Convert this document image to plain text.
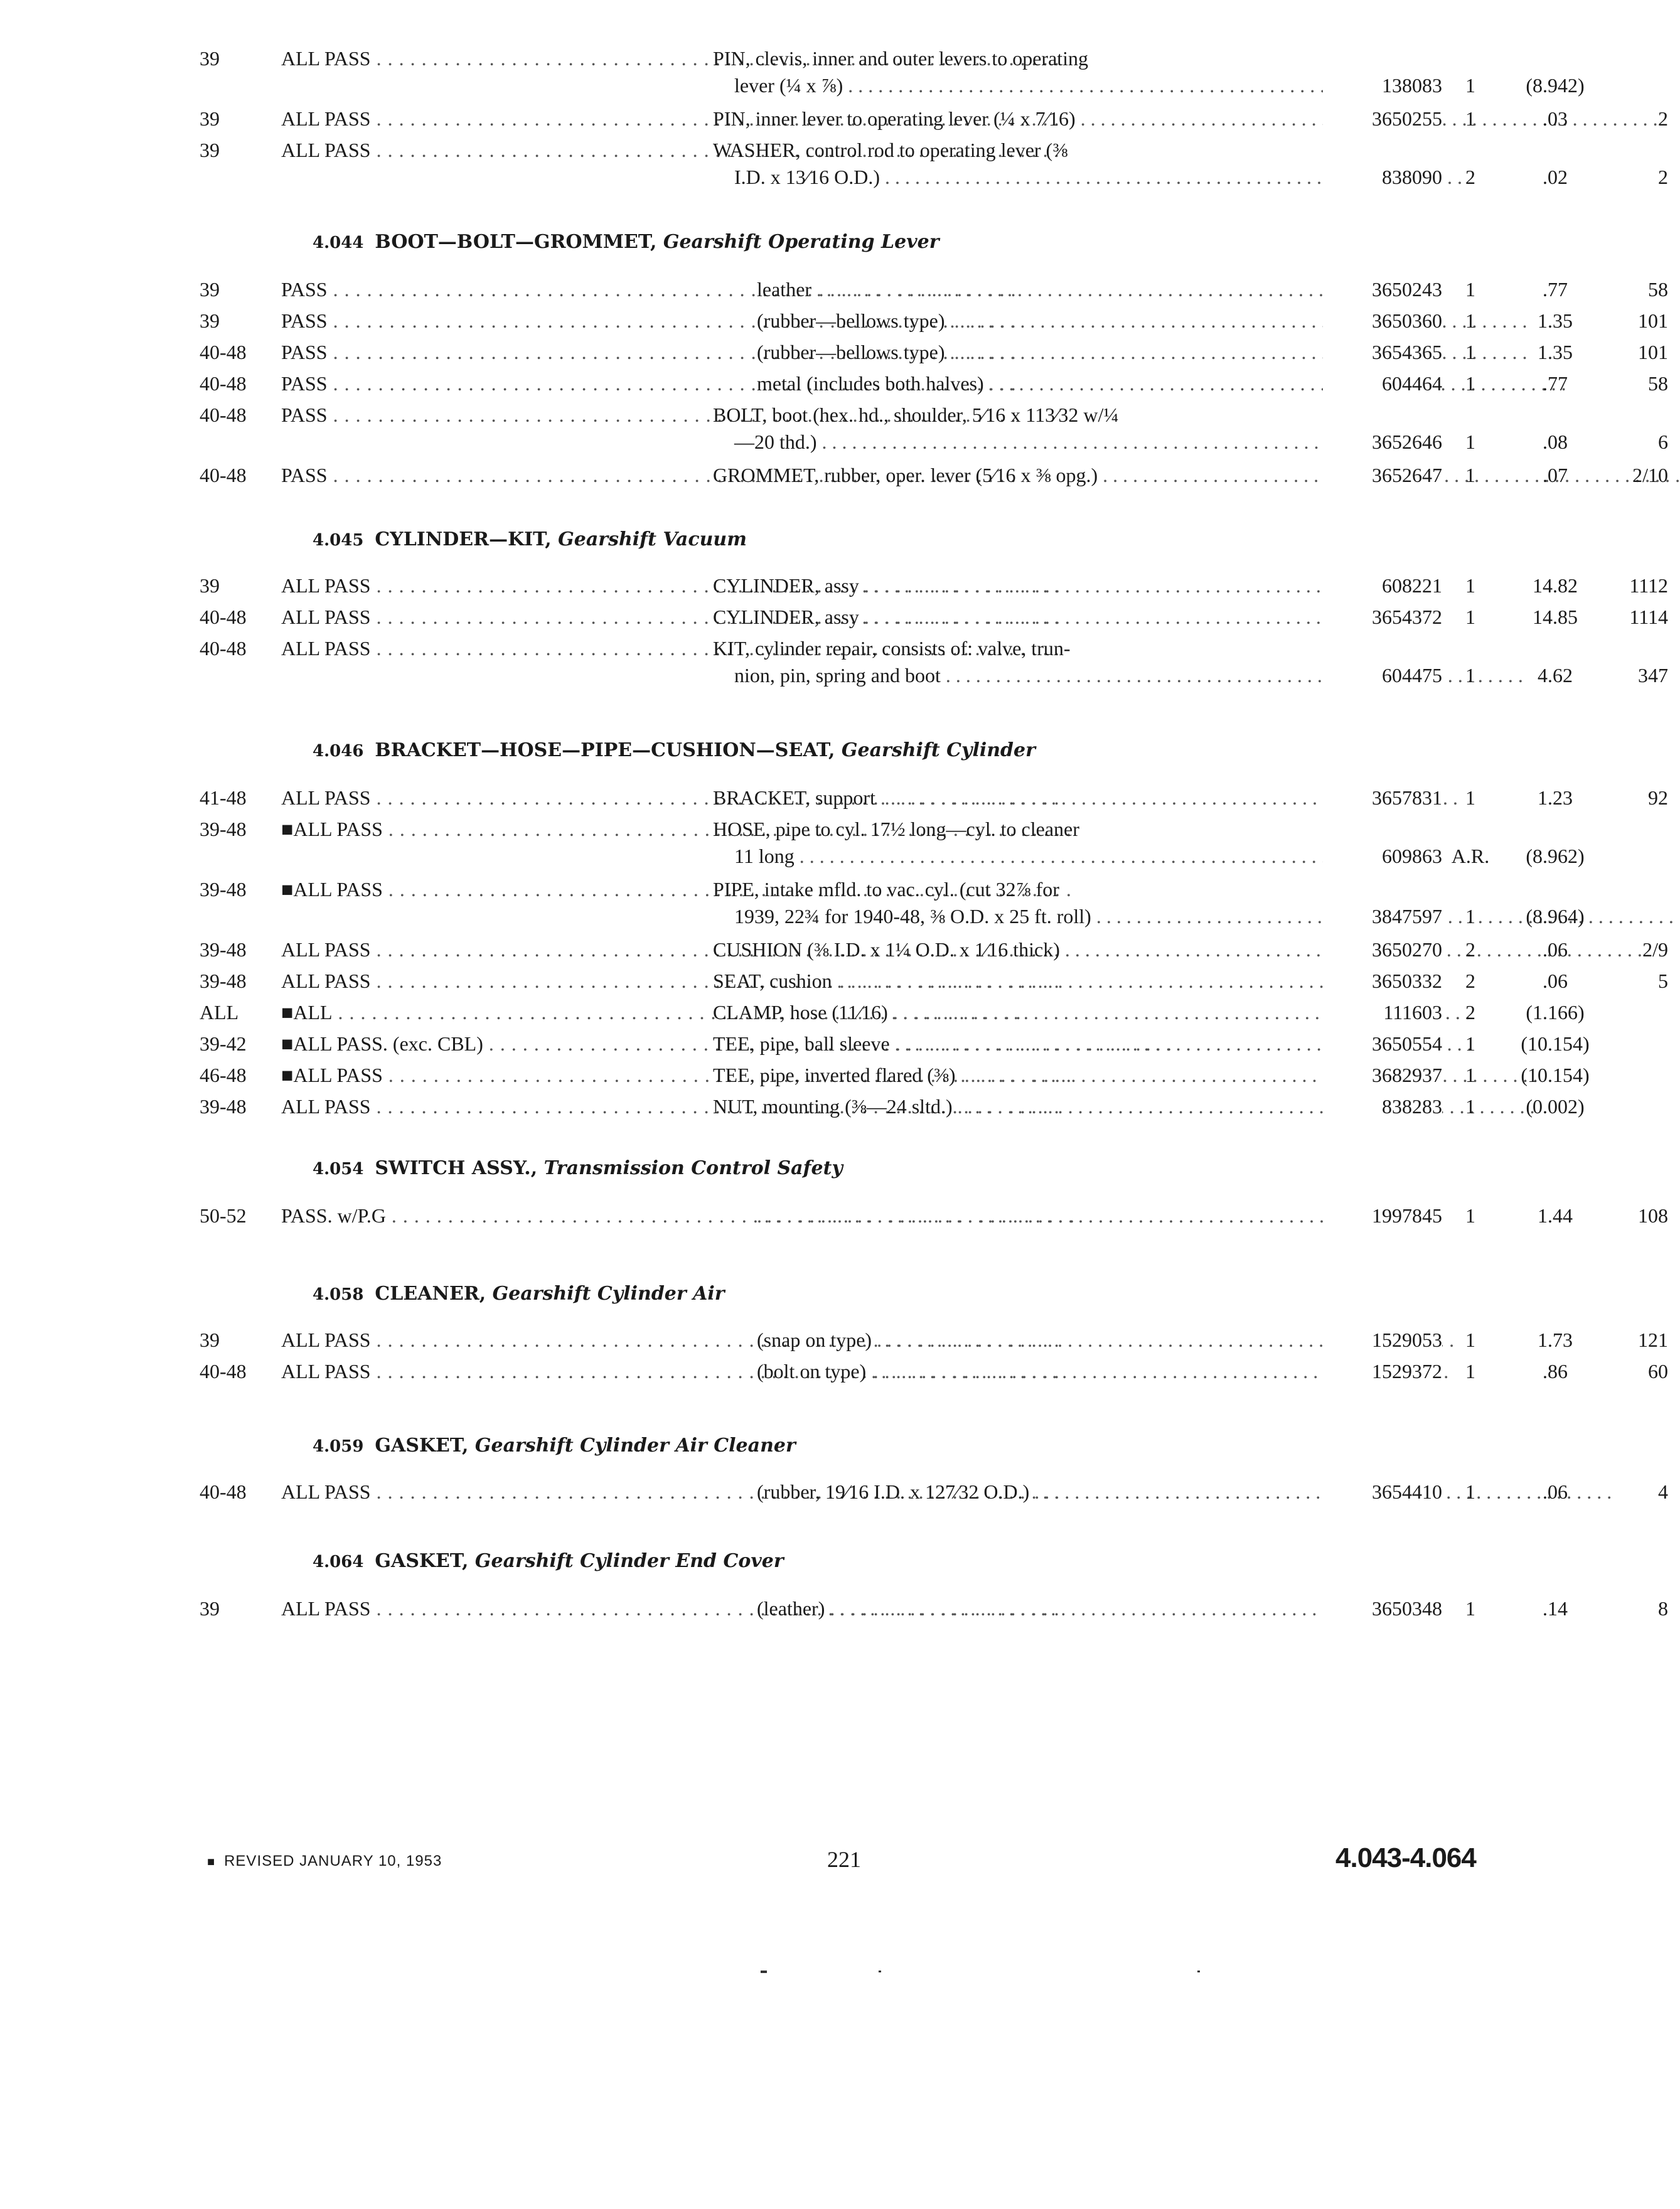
39	ALL PASS . . .	PIN, clevis, inner and outer levers to operating
lever (¼ x ⅞) . . .	138083	1	(8.942)
39	ALL PASS . . .	PIN, inner lever to operating lever (¼ x 7⁄16) . . .	3650255	1	.03	2
39	ALL PASS . . .	WASHER, control rod to operating lever (⅜
I.D. x 13⁄16 O.D.) . . .	838090	2	.02	2
4.044 BOOT—BOLT—GROMMET, Gearshift Operating Lever
39	PASS . . .	leather . . .	3650243	1	.77	58
39	PASS . . .	(rubber—bellows type) . . .	3650360	1	1.35	101
40-48	PASS . . .	(rubber—bellows type) . . .	3654365	1	1.35	101
40-48	PASS . . .	metal (includes both halves) . . .	604464	1	.77	58
40-48	PASS . . .	BOLT, boot (hex. hd., shoulder, 5⁄16 x 113⁄32 w/¼
—20 thd.) . . .	3652646	1	.08	6
40-48	PASS . . .	GROMMET, rubber, oper. lever (5⁄16 x ⅜ opg.) . . .	3652647	1	.07	2/10
4.045 CYLINDER—KIT, Gearshift Vacuum
39	ALL PASS . . .	CYLINDER, assy . . .	608221	1	14.82	1112
40-48	ALL PASS . . .	CYLINDER, assy . . .	3654372	1	14.85	1114
40-48	ALL PASS . . .	KIT, cylinder repair, consists of: valve, trun-
nion, pin, spring and boot . . .	604475	1	4.62	347
4.046 BRACKET—HOSE—PIPE—CUSHION—SEAT, Gearshift Cylinder
41-48	ALL PASS . . .	BRACKET, support . . .	3657831	1	1.23	92
39-48	■ALL PASS . . .	HOSE, pipe to cyl. 17½ long—cyl. to cleaner
11 long . . .	609863 A.R.	(8.962)
39-48	■ALL PASS . . .	PIPE, intake mfld. to vac. cyl. (cut 32⅞ for
1939, 22¾ for 1940-48, ⅜ O.D. x 25 ft. roll) . . .	3847597	1	(8.964)
39-48	ALL PASS . . .	CUSHION (⅜ I.D. x 1¼ O.D. x 1⁄16 thick) . . .	3650270	2	.06	2/9
39-48	ALL PASS . . .	SEAT, cushion . . .	3650332	2	.06	5
ALL	■ALL . . .	CLAMP, hose (11⁄16) . . .	111603	2	(1.166)
39-42	■ALL PASS. (exc. CBL) . . .	TEE, pipe, ball sleeve . . .	3650554	1	(10.154)
46-48	■ALL PASS . . .	TEE, pipe, inverted flared (⅜) . . .	3682937	1	(10.154)
39-48	ALL PASS . . .	NUT, mounting (⅜—24 sltd.) . . .	838283	1	(0.002)
4.054 SWITCH ASSY., Transmission Control Safety
50-52	PASS. w/P.G . . .
. . .	1997845	1	1.44	108
4.058 CLEANER, Gearshift Cylinder Air
39	ALL PASS . . .	(snap on type) . . .	1529053	1	1.73	121
40-48	ALL PASS . . .	(bolt on type) . . .	1529372	1	.86	60
4.059 GASKET, Gearshift Cylinder Air Cleaner
40-48	ALL PASS . . .	(rubber, 19⁄16 I.D. x 127⁄32 O.D.) . . .	3654410	1	.06	4
4.064 GASKET, Gearshift Cylinder End Cover
39	ALL PASS . . .	(leather) . . .	3650348	1	.14	8
■ REVISED JANUARY 10, 1953	221	4.043-4.064
